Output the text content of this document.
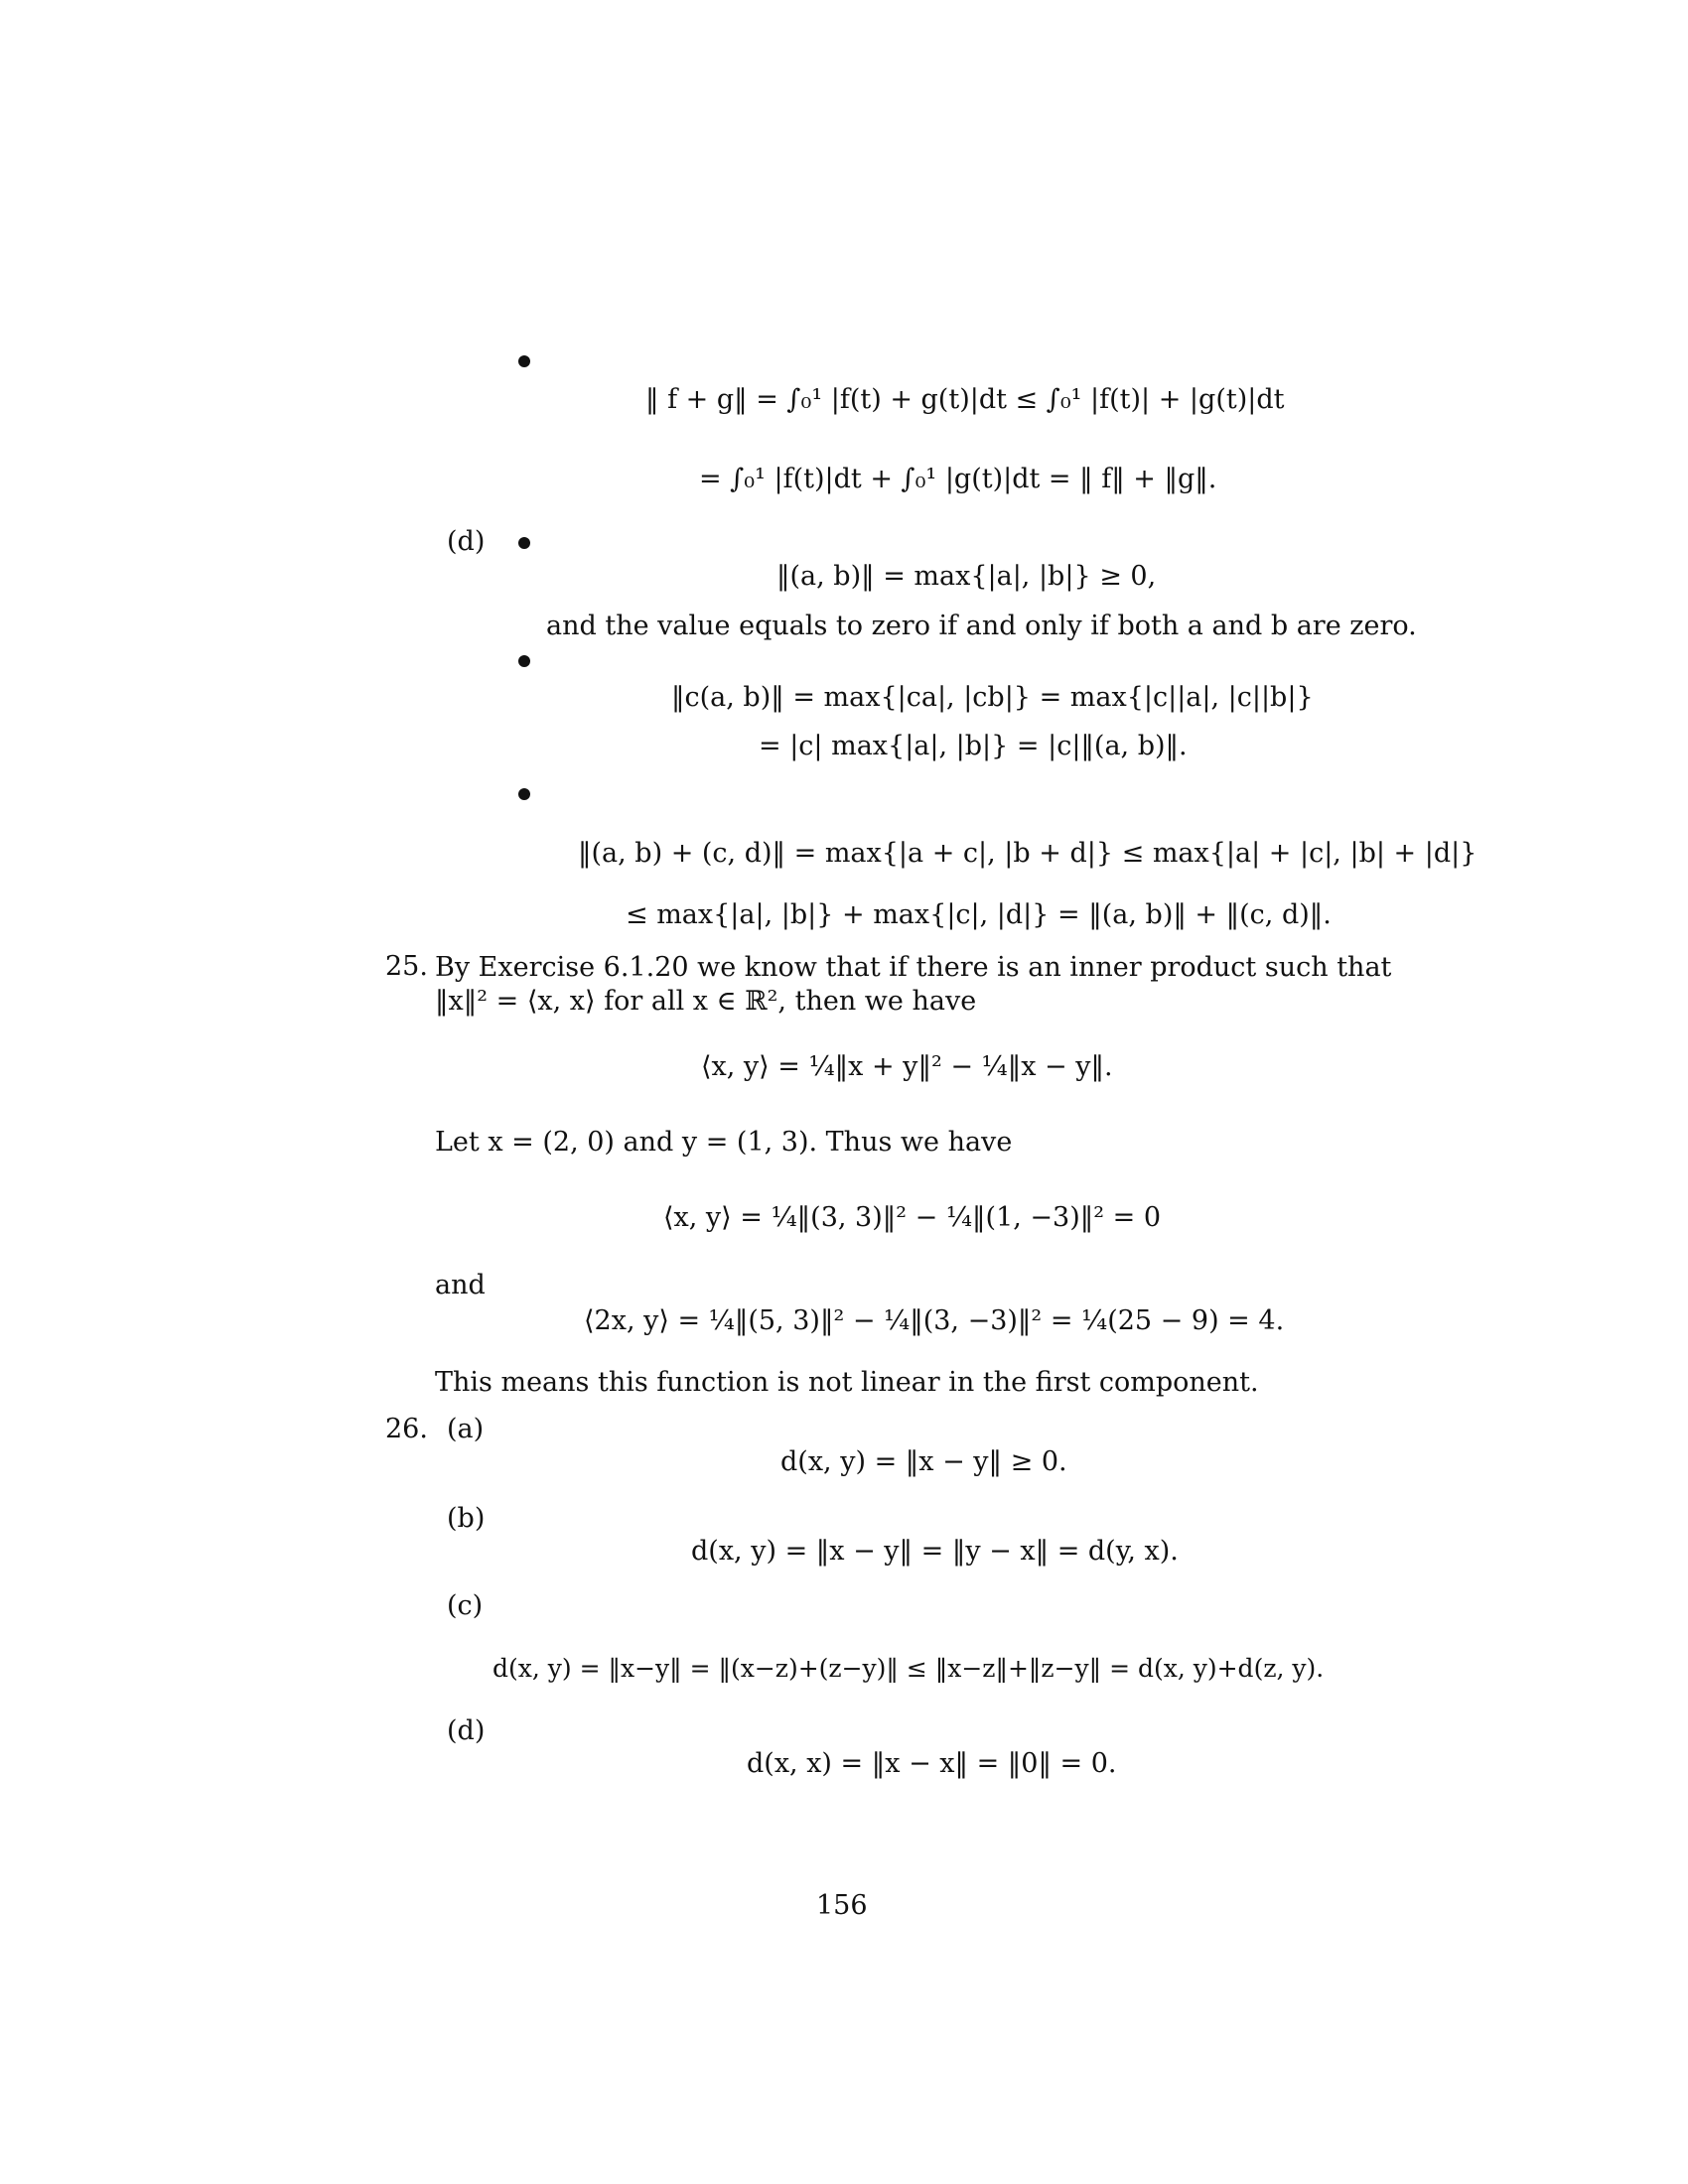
‖ f + g‖ = ∫₀¹ |f(t) + g(t)|dt ≤ ∫₀¹ |f(t)| + |g(t)|dt
= ∫₀¹ |f(t)|dt + ∫₀¹ |g(t)|dt = ‖ f‖ + ‖g‖.
(d)
‖(a, b)‖ = max{|a|, |b|} ≥ 0,
and the value equals to zero if and only if both a and b are zero.
‖c(a, b)‖ = max{|ca|, |cb|} = max{|c||a|, |c||b|}
= |c| max{|a|, |b|} = |c|‖(a, b)‖.
‖(a, b) + (c, d)‖ = max{|a + c|, |b + d|} ≤ max{|a| + |c|, |b| + |d|}
≤ max{|a|, |b|} + max{|c|, |d|} = ‖(a, b)‖ + ‖(c, d)‖.
25. By Exercise 6.1.20 we know that if there is an inner product such that
‖x‖² = ⟨x, x⟩ for all x ∈ ℝ², then we have
⟨x, y⟩ = ¼‖x + y‖² − ¼‖x − y‖.
Let x = (2, 0) and y = (1, 3). Thus we have
⟨x, y⟩ = ¼‖(3, 3)‖² − ¼‖(1, −3)‖² = 0
and
⟨2x, y⟩ = ¼‖(5, 3)‖² − ¼‖(3, −3)‖² = ¼(25 − 9) = 4.
This means this function is not linear in the first component.
26. (a)
d(x, y) = ‖x − y‖ ≥ 0.
(b)
d(x, y) = ‖x − y‖ = ‖y − x‖ = d(y, x).
(c)
d(x, y) = ‖x−y‖ = ‖(x−z)+(z−y)‖ ≤ ‖x−z‖+‖z−y‖ = d(x, y)+d(z, y).
(d)
d(x, x) = ‖x − x‖ = ‖0‖ = 0.
156
